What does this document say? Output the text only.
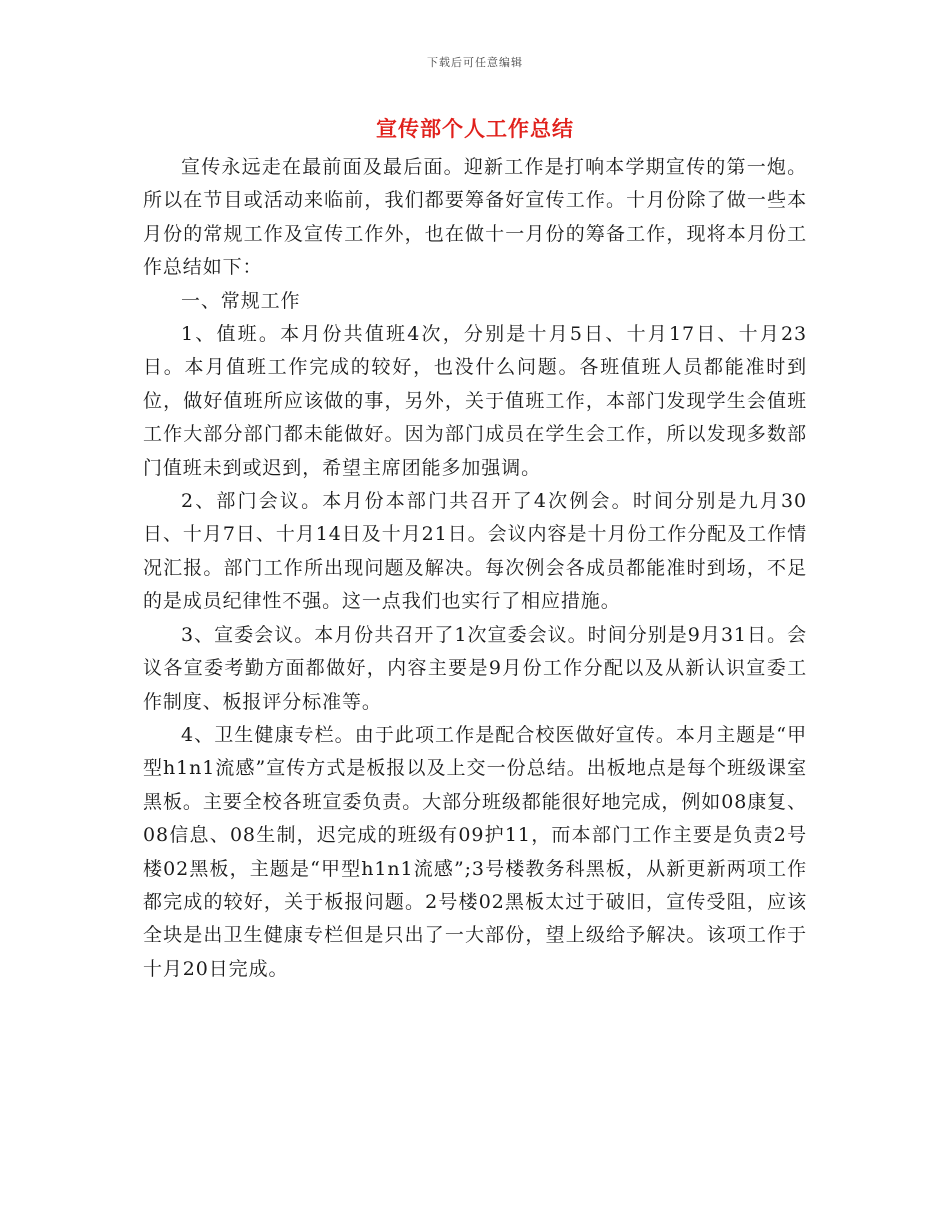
下载后可任意编辑
宣传部个人工作总结

宣传永远走在最前面及最后面。迎新工作是打响本学期宣传的第一炮。所以在节目或活动来临前，我们都要筹备好宣传工作。十月份除了做一些本月份的常规工作及宣传工作外，也在做十一月份的筹备工作，现将本月份工作总结如下：

一、常规工作

1、值班。本月份共值班4次，分别是十月5日、十月17日、十月23日。本月值班工作完成的较好，也没什么问题。各班值班人员都能准时到位，做好值班所应该做的事，另外，关于值班工作，本部门发现学生会值班工作大部分部门都未能做好。因为部门成员在学生会工作，所以发现多数部门值班未到或迟到，希望主席团能多加强调。

2、部门会议。本月份本部门共召开了4次例会。时间分别是九月30日、十月7日、十月14日及十月21日。会议内容是十月份工作分配及工作情况汇报。部门工作所出现问题及解决。每次例会各成员都能准时到场，不足的是成员纪律性不强。这一点我们也实行了相应措施。

3、宣委会议。本月份共召开了1次宣委会议。时间分别是9月31日。会议各宣委考勤方面都做好，内容主要是9月份工作分配以及从新认识宣委工作制度、板报评分标准等。

4、卫生健康专栏。由于此项工作是配合校医做好宣传。本月主题是“甲型h1n1流感”宣传方式是板报以及上交一份总结。出板地点是每个班级课室黑板。主要全校各班宣委负责。大部分班级都能很好地完成，例如08康复、08信息、08生制，迟完成的班级有09护11，而本部门工作主要是负责2号楼02黑板，主题是“甲型h1n1流感”;3号楼教务科黑板，从新更新两项工作都完成的较好，关于板报问题。2号楼02黑板太过于破旧，宣传受阻，应该全块是出卫生健康专栏但是只出了一大部份，望上级给予解决。该项工作于十月20日完成。
